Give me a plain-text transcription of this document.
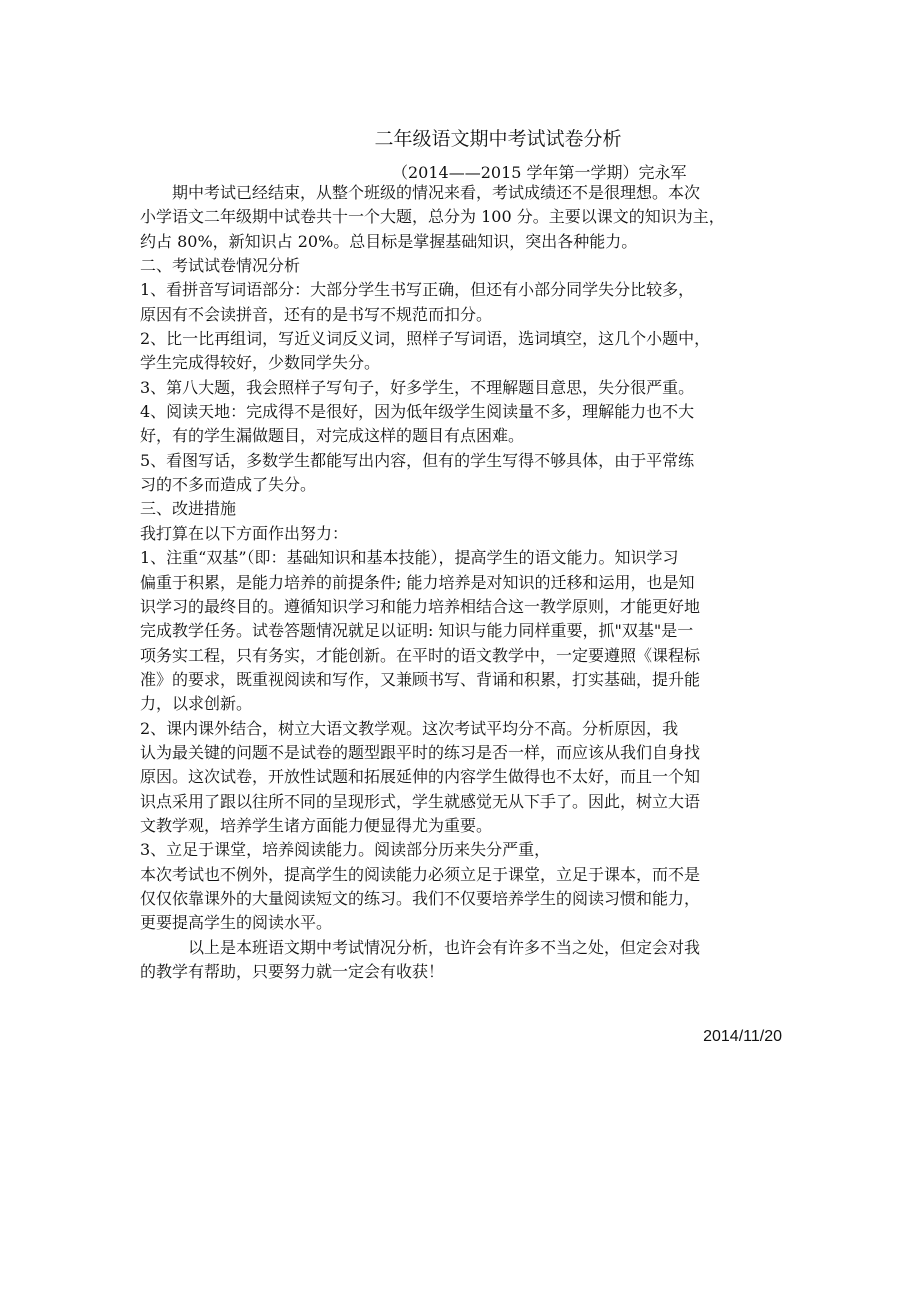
二年级语文期中考试试卷分析
（2014——2015 学年第一学期）完永军
　　期中考试已经结束，从整个班级的情况来看，考试成绩还不是很理想。本次
小学语文二年级期中试卷共十一个大题，总分为 100 分。主要以课文的知识为主，
约占 80%，新知识占 20%。总目标是掌握基础知识，突出各种能力。
二、考试试卷情况分析
1、看拼音写词语部分：大部分学生书写正确，但还有小部分同学失分比较多，
原因有不会读拼音，还有的是书写不规范而扣分。
2、比一比再组词，写近义词反义词，照样子写词语，选词填空，这几个小题中，
学生完成得较好，少数同学失分。
3、第八大题，我会照样子写句子，好多学生，不理解题目意思，失分很严重。
4、阅读天地：完成得不是很好，因为低年级学生阅读量不多，理解能力也不大
好，有的学生漏做题目，对完成这样的题目有点困难。
5、看图写话，多数学生都能写出内容，但有的学生写得不够具体，由于平常练
习的不多而造成了失分。
三、改进措施
我打算在以下方面作出努力：
1、注重“双基”（即：基础知识和基本技能），提高学生的语文能力。知识学习
偏重于积累，是能力培养的前提条件; 能力培养是对知识的迁移和运用，也是知
识学习的最终目的。遵循知识学习和能力培养相结合这一教学原则，才能更好地
完成教学任务。试卷答题情况就足以证明: 知识与能力同样重要，抓"双基"是一
项务实工程，只有务实，才能创新。在平时的语文教学中，一定要遵照《课程标
准》的要求，既重视阅读和写作，又兼顾书写、背诵和积累，打实基础，提升能
力，以求创新。
2、课内课外结合，树立大语文教学观。这次考试平均分不高。分析原因，我
认为最关键的问题不是试卷的题型跟平时的练习是否一样，而应该从我们自身找
原因。这次试卷，开放性试题和拓展延伸的内容学生做得也不太好，而且一个知
识点采用了跟以往所不同的呈现形式，学生就感觉无从下手了。因此，树立大语
文教学观，培养学生诸方面能力便显得尤为重要。
3、立足于课堂，培养阅读能力。阅读部分历来失分严重，
本次考试也不例外，提高学生的阅读能力必须立足于课堂，立足于课本，而不是
仅仅依靠课外的大量阅读短文的练习。我们不仅要培养学生的阅读习惯和能力，
更要提高学生的阅读水平。
　　　以上是本班语文期中考试情况分析，也许会有许多不当之处，但定会对我
的教学有帮助，只要努力就一定会有收获！
2014/11/20
